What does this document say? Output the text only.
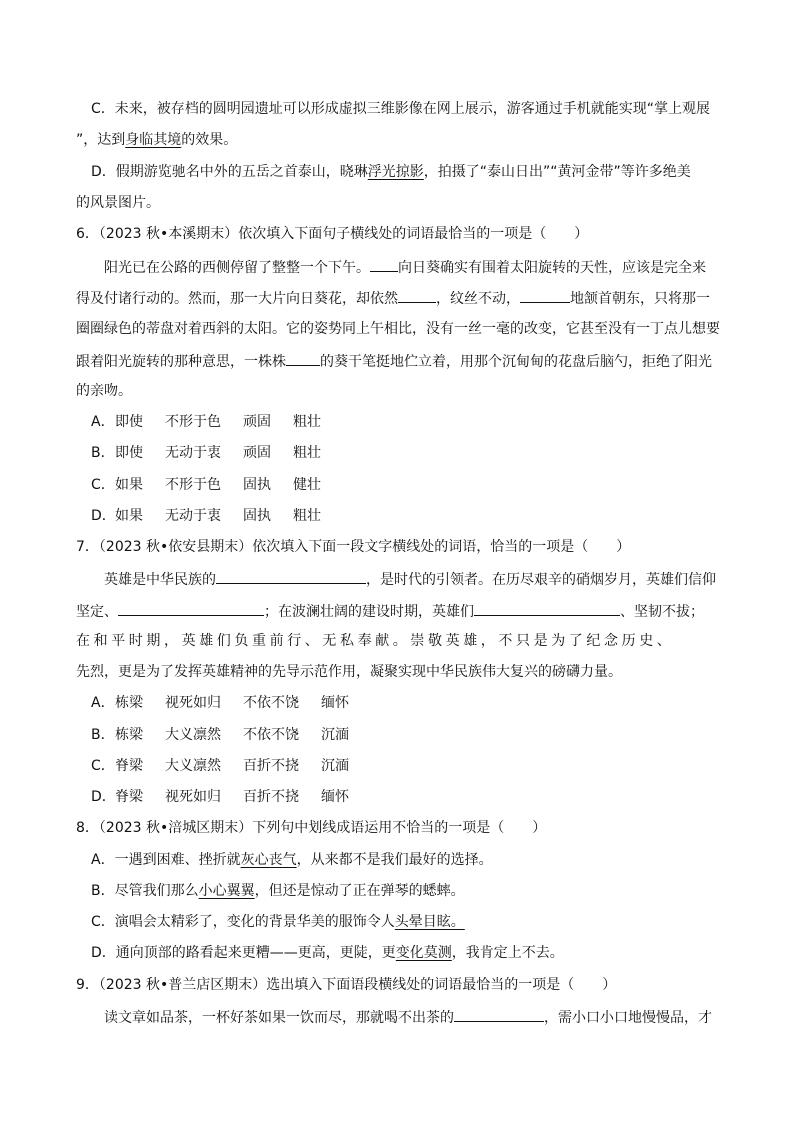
C．未来，被存档的圆明园遗址可以形成虚拟三维影像在网上展示，游客通过手机就能实现“掌上观展
”，达到身临其境的效果。
D．假期游览驰名中外的五岳之首泰山，晓琳浮光掠影，拍摄了“泰山日出”“黄河金带”等许多绝美
的风景图片。
6．（2023 秋•本溪期末）依次填入下面句子横线处的词语最恰当的一项是（　　）
阳光已在公路的西侧停留了整整一个下午。 向日葵确实有围着太阳旋转的天性，应该是完全来
得及付诸行动的。然而，那一大片向日葵花，却依然	，纹丝不动，	地颔首朝东，只将那一
圈圈绿色的蒂盘对着西斜的太阳。它的姿势同上午相比，没有一丝一毫的改变，它甚至没有一丁点儿想要
跟着阳光旋转的那种意思，一株株 的葵干笔挺地伫立着，用那个沉甸甸的花盘后脑勺，拒绝了阳光
的亲吻。
A． 即使	不形于色	顽固	粗壮
B． 即使	无动于衷	顽固	粗壮
C． 如果	不形于色	固执	健壮
D． 如果	无动于衷	固执	粗壮
7．（2023 秋•依安县期末）依次填入下面一段文字横线处的词语，恰当的一项是（　　）
英雄是中华民族的	，是时代的引领者。在历尽艰辛的硝烟岁月，英雄们信仰
坚定、	；在波澜壮阔的建设时期，英雄们	、坚韧不拔；
在和平时期，英雄们负重前行、无私奉献。崇敬英雄，不只是为了纪念历史、
先烈，更是为了发挥英雄精神的先导示范作用，凝聚实现中华民族伟大复兴的磅礴力量。
A． 栋梁	视死如归	不依不饶	缅怀
B． 栋梁	大义凛然	不依不饶	沉湎
C． 脊梁	大义凛然	百折不挠	沉湎
D． 脊梁	视死如归	百折不挠	缅怀
8．（2023 秋•涪城区期末）下列句中划线成语运用不恰当的一项是（　　）
A．一遇到困难、挫折就灰心丧气，从来都不是我们最好的选择。
B．尽管我们那么小心翼翼，但还是惊动了正在弹琴的蟋蟀。
C．演唱会太精彩了，变化的背景华美的服饰令人头晕目眩。
D．通向顶部的路看起来更糟——更高，更陡，更变化莫测，我肯定上不去。
9．（2023 秋•普兰店区期末）选出填入下面语段横线处的词语最恰当的一项是（　　）
读文章如品茶，一杯好茶如果一饮而尽，那就喝不出茶的	，需小口小口地慢慢品，才
